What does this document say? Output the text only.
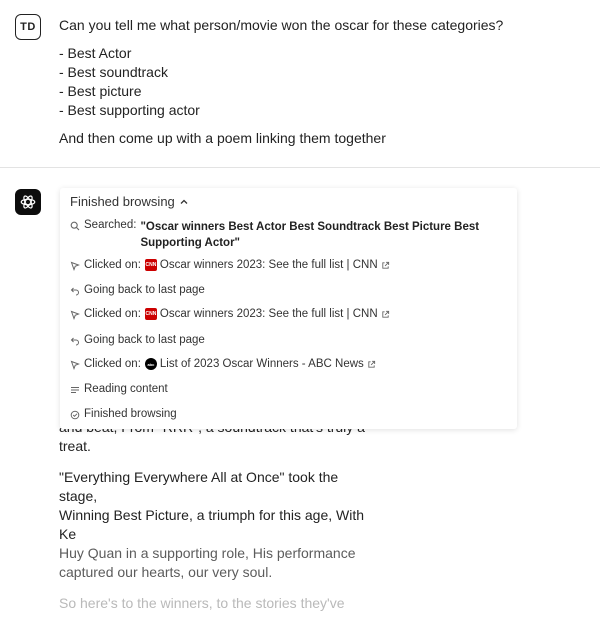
TD	Can you tell me what person/movie won the oscar for these categories?

- Best Actor
- Best soundtrack
- Best picture
- Best supporting actor

And then come up with a poem linking them together

treat.

"Everything Everywhere All at Once" took the stage,
Winning Best Picture, a triumph for this age, With Ke
Huy Quan in a supporting role, His performance
captured our hearts, our very soul.

So here's to the winners, to the stories they've

Finished browsing
Searched: "Oscar winners Best Actor Best Soundtrack Best Picture Best Supporting Actor"
Clicked on: CNN Oscar winners 2023: See the full list | CNN
Going back to last page
Clicked on: CNN Oscar winners 2023: See the full list | CNN
Going back to last page
Clicked on:	abc List of 2023 Oscar Winners - ABC News
Reading content
Finished browsing
